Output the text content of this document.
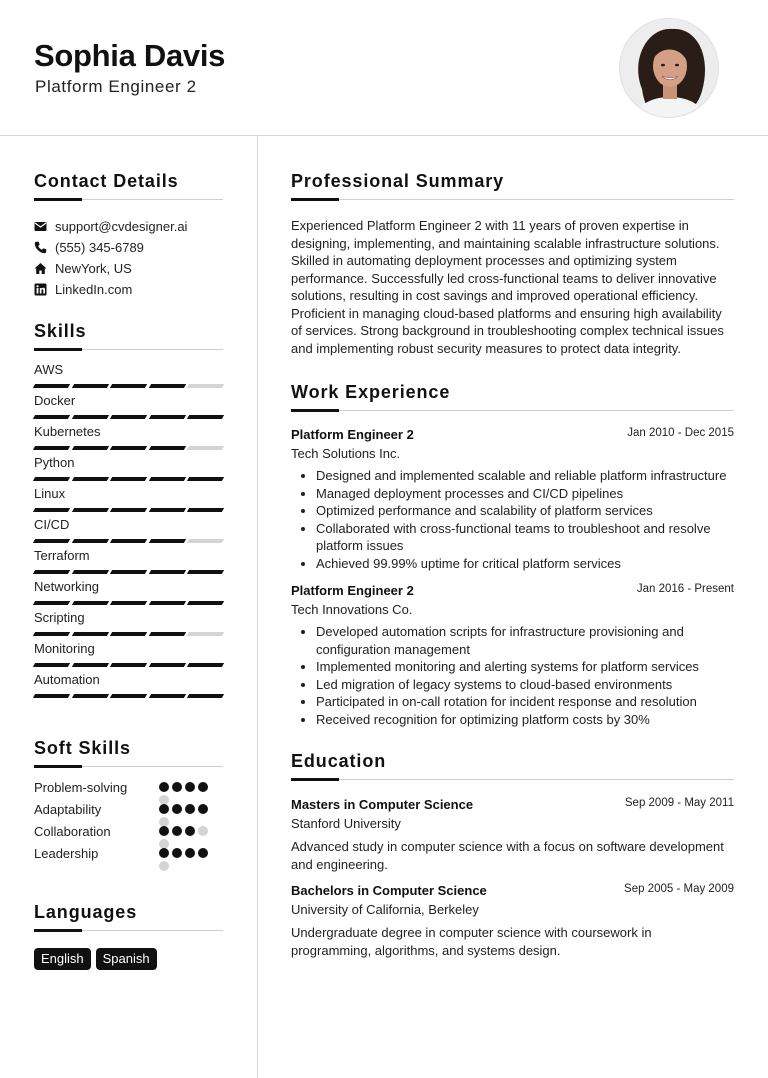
Sophia Davis
Platform Engineer 2
Contact Details
support@cvdesigner.ai
(555) 345-6789
NewYork, US
LinkedIn.com
Skills
AWS
Docker
Kubernetes
Python
Linux
CI/CD
Terraform
Networking
Scripting
Monitoring
Automation
Soft Skills
Problem-solving
Adaptability
Collaboration
Leadership
Languages
English	Spanish
Professional Summary
Experienced Platform Engineer 2 with 11 years of proven expertise in designing, implementing, and maintaining scalable infrastructure solutions. Skilled in automating deployment processes and optimizing system performance. Successfully led cross-functional teams to deliver innovative solutions, resulting in cost savings and improved operational efficiency. Proficient in managing cloud-based platforms and ensuring high availability of services. Strong background in troubleshooting complex technical issues and implementing robust security measures to protect data integrity.
Work Experience
Platform Engineer 2	Jan 2010 - Dec 2015
Tech Solutions Inc.
• Designed and implemented scalable and reliable platform infrastructure
• Managed deployment processes and CI/CD pipelines
• Optimized performance and scalability of platform services
• Collaborated with cross-functional teams to troubleshoot and resolve platform issues
• Achieved 99.99% uptime for critical platform services
Platform Engineer 2	Jan 2016 - Present
Tech Innovations Co.
• Developed automation scripts for infrastructure provisioning and configuration management
• Implemented monitoring and alerting systems for platform services
• Led migration of legacy systems to cloud-based environments
• Participated in on-call rotation for incident response and resolution
• Received recognition for optimizing platform costs by 30%
Education
Masters in Computer Science	Sep 2009 - May 2011
Stanford University
Advanced study in computer science with a focus on software development and engineering.
Bachelors in Computer Science	Sep 2005 - May 2009
University of California, Berkeley
Undergraduate degree in computer science with coursework in programming, algorithms, and systems design.
